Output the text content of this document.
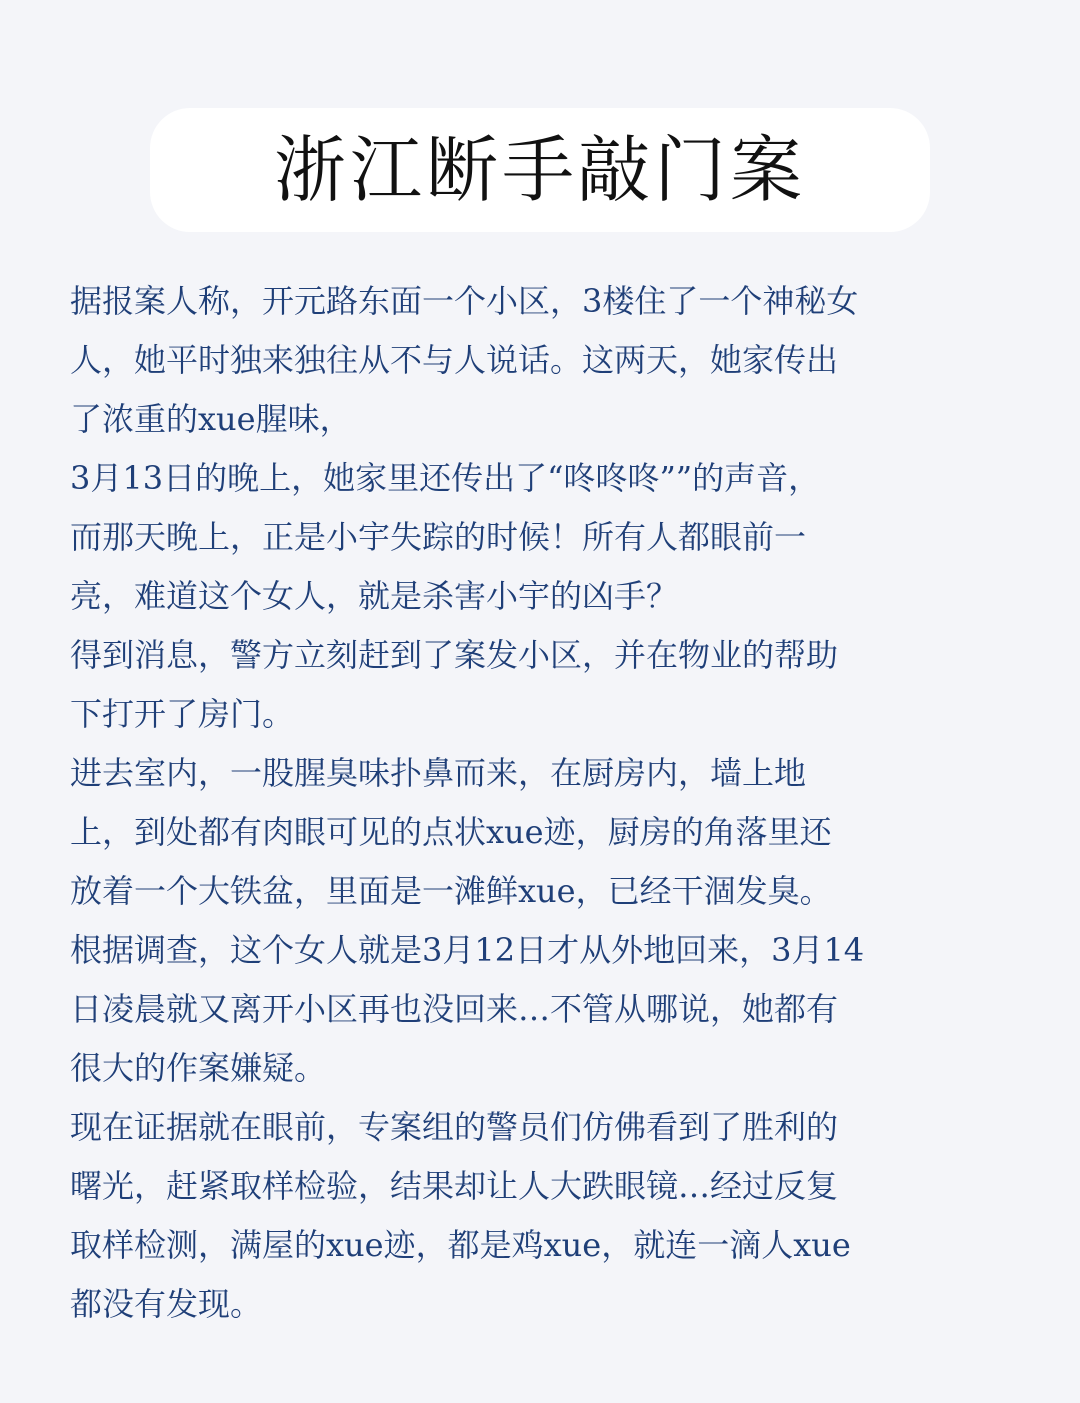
浙江断手敲门案
据报案人称，开元路东面一个小区，3楼住了一个神秘女
人，她平时独来独往从不与人说话。这两天，她家传出
了浓重的xue腥味，
3月13日的晚上，她家里还传出了“咚咚咚””的声音，
而那天晚上，正是小宇失踪的时候！所有人都眼前一
亮，难道这个女人，就是杀害小宇的凶手？
得到消息，警方立刻赶到了案发小区，并在物业的帮助
下打开了房门。
进去室内，一股腥臭味扑鼻而来，在厨房内，墙上地
上，到处都有肉眼可见的点状xue迹，厨房的角落里还
放着一个大铁盆，里面是一滩鲜xue，已经干涸发臭。
根据调查，这个女人就是3月12日才从外地回来，3月14
日凌晨就又离开小区再也没回来…不管从哪说，她都有
很大的作案嫌疑。
现在证据就在眼前，专案组的警员们仿佛看到了胜利的
曙光，赶紧取样检验，结果却让人大跌眼镜…经过反复
取样检测，满屋的xue迹，都是鸡xue，就连一滴人xue
都没有发现。
